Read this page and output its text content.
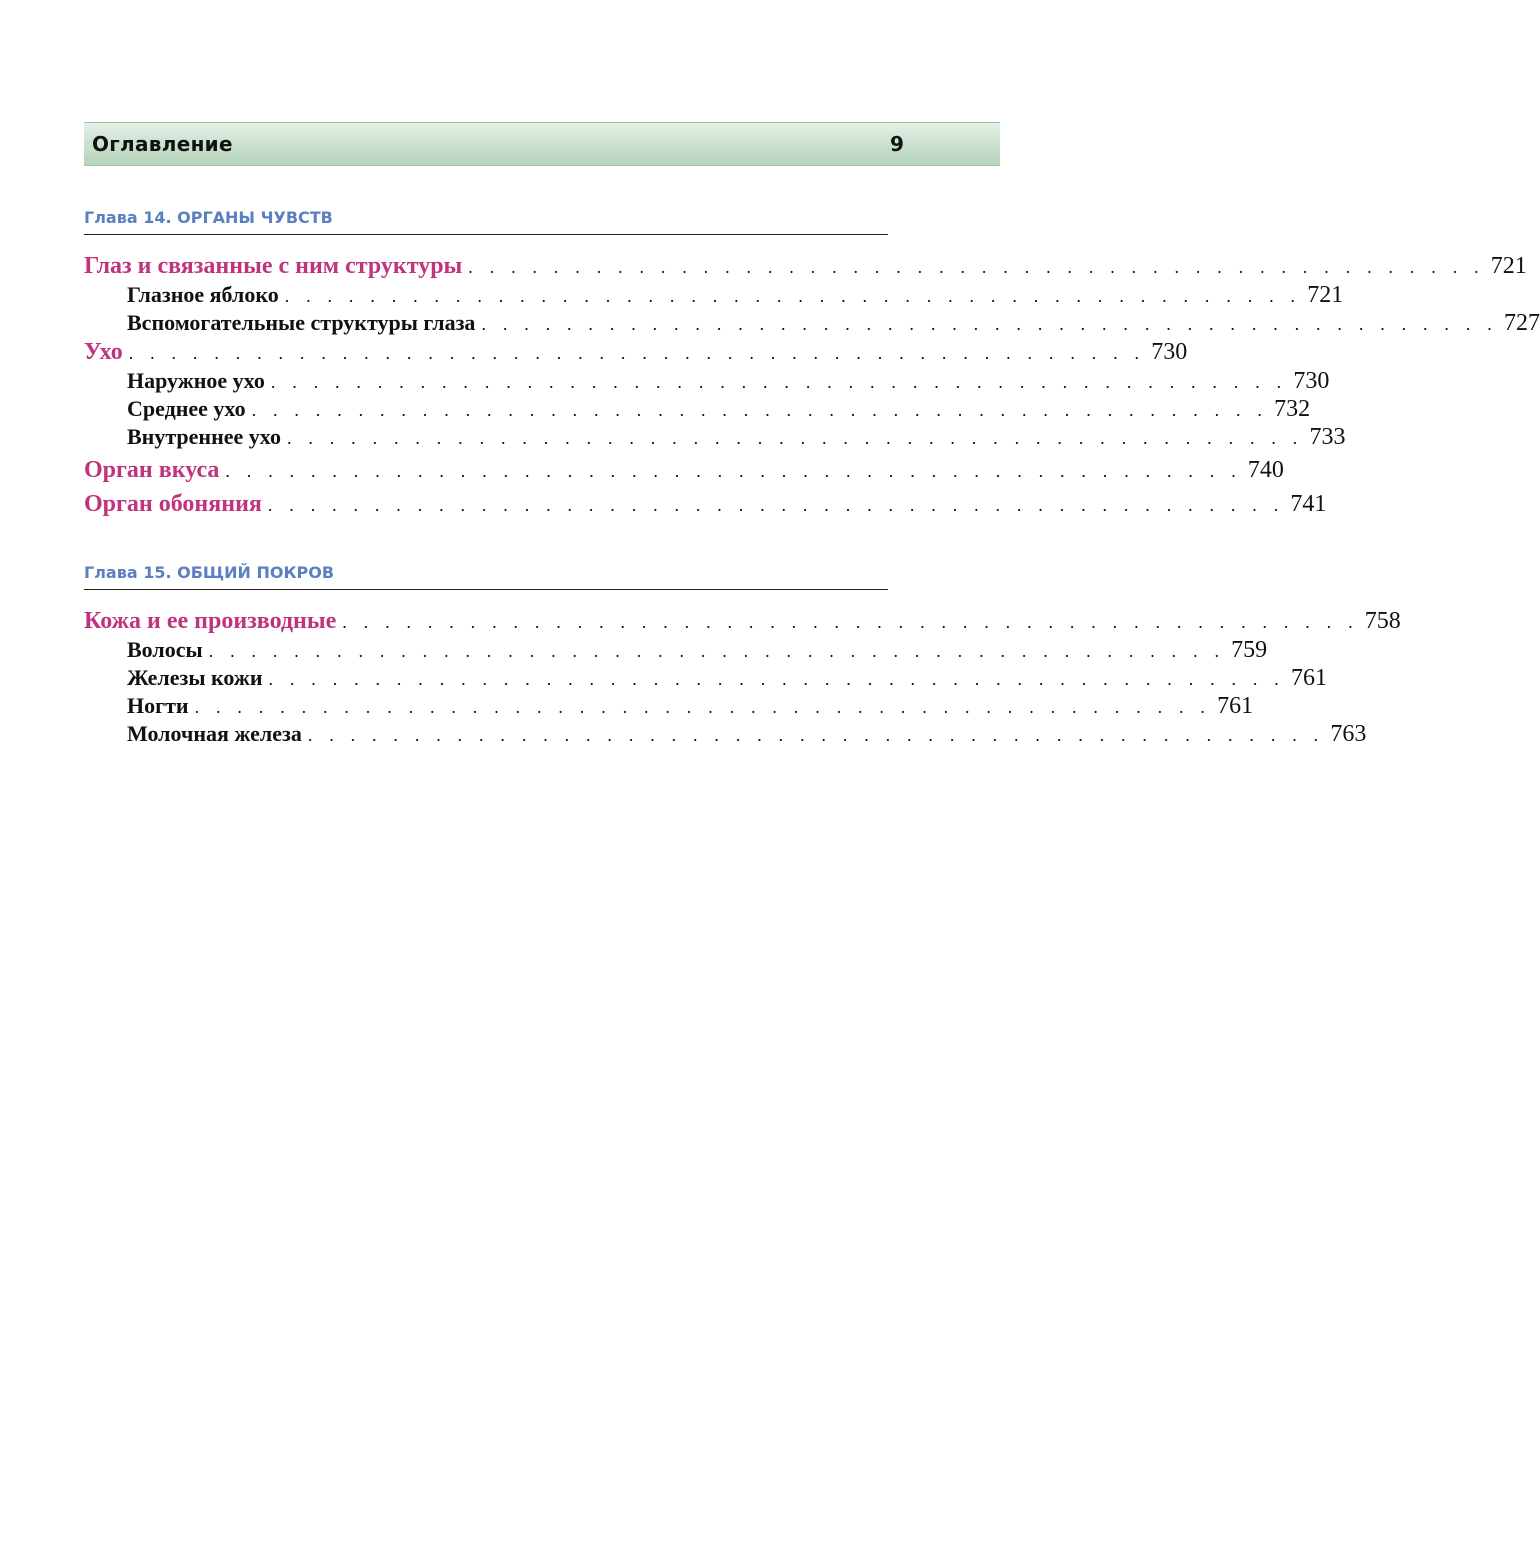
Оглавление	9
Глава 14. ОРГАНЫ ЧУВСТВ
Глаз и связанные с ним структуры . . . . . . . . . . . . . . . . . . . . . . . . . . . . . . . . . . . . . . . . . . . . . . . . 721
Глазное яблоко . . . . . . . . . . . . . . . . . . . . . . . . . . . . . . . . . . . . . . . . . . . . . . . . 721
Вспомогательные структуры глаза . . . . . . . . . . . . . . . . . . . . . . . . . . . . . . . . . . . . . . . . . . . . . . . . 727
Ухо . . . . . . . . . . . . . . . . . . . . . . . . . . . . . . . . . . . . . . . . . . . . . . . . 730
Наружное ухо . . . . . . . . . . . . . . . . . . . . . . . . . . . . . . . . . . . . . . . . . . . . . . . . 730
Среднее ухо . . . . . . . . . . . . . . . . . . . . . . . . . . . . . . . . . . . . . . . . . . . . . . . . 732
Внутреннее ухо . . . . . . . . . . . . . . . . . . . . . . . . . . . . . . . . . . . . . . . . . . . . . . . . 733
Орган вкуса . . . . . . . . . . . . . . . . . . . . . . . . . . . . . . . . . . . . . . . . . . . . . . . . 740
Орган обоняния . . . . . . . . . . . . . . . . . . . . . . . . . . . . . . . . . . . . . . . . . . . . . . . . 741
Глава 15. ОБЩИЙ ПОКРОВ
Кожа и ее производные . . . . . . . . . . . . . . . . . . . . . . . . . . . . . . . . . . . . . . . . . . . . . . . . 758
Волосы . . . . . . . . . . . . . . . . . . . . . . . . . . . . . . . . . . . . . . . . . . . . . . . . 759
Железы кожи . . . . . . . . . . . . . . . . . . . . . . . . . . . . . . . . . . . . . . . . . . . . . . . . 761
Ногти . . . . . . . . . . . . . . . . . . . . . . . . . . . . . . . . . . . . . . . . . . . . . . . . 761
Молочная железа . . . . . . . . . . . . . . . . . . . . . . . . . . . . . . . . . . . . . . . . . . . . . . . . 763
